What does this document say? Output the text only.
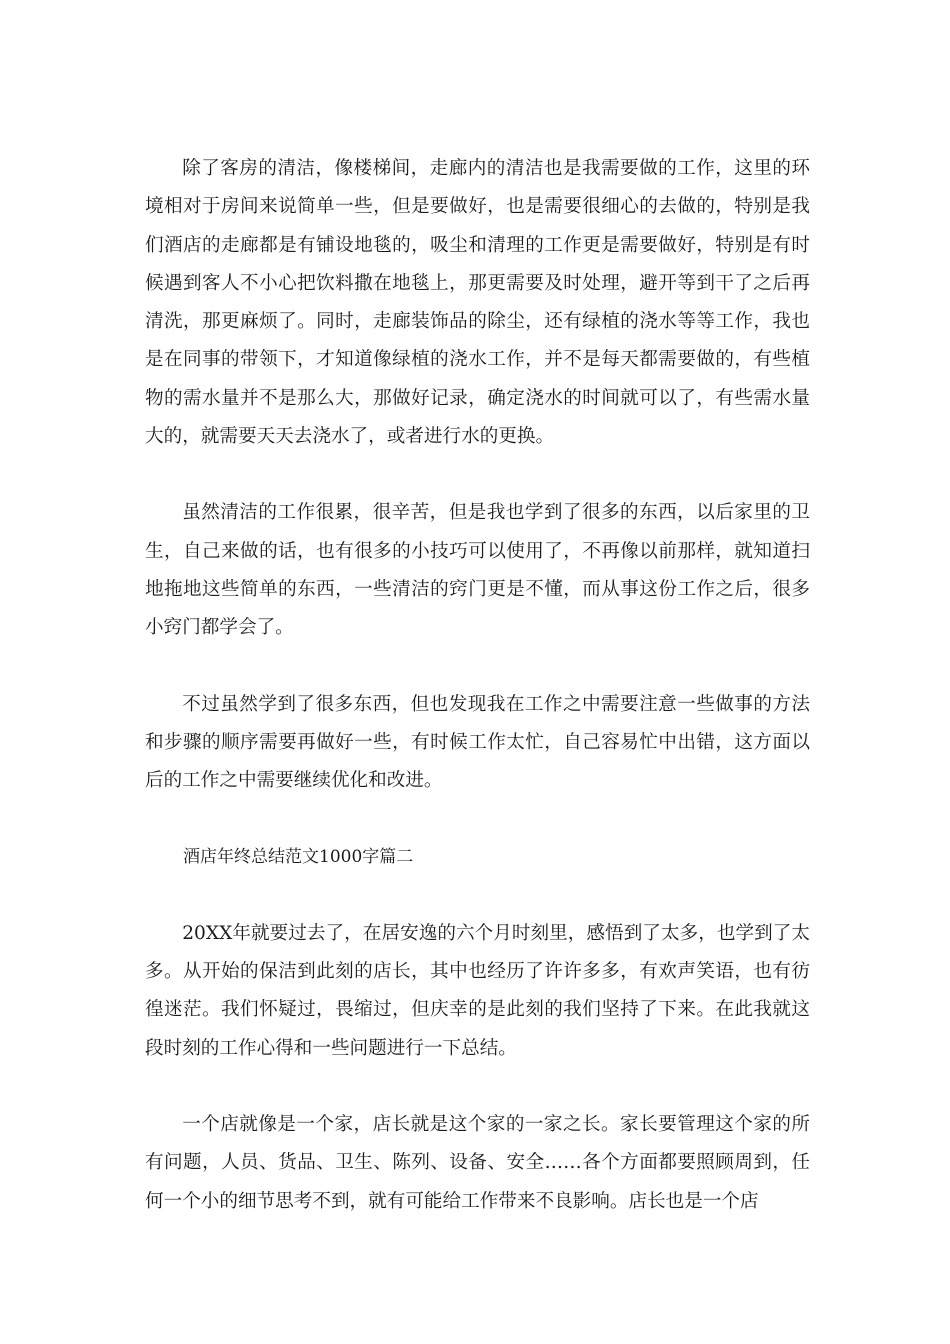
除了客房的清洁，像楼梯间，走廊内的清洁也是我需要做的工作，这里的环境相对于房间来说简单一些，但是要做好，也是需要很细心的去做的，特别是我们酒店的走廊都是有铺设地毯的，吸尘和清理的工作更是需要做好，特别是有时候遇到客人不小心把饮料撒在地毯上，那更需要及时处理，避开等到干了之后再清洗，那更麻烦了。同时，走廊装饰品的除尘，还有绿植的浇水等等工作，我也是在同事的带领下，才知道像绿植的浇水工作，并不是每天都需要做的，有些植物的需水量并不是那么大，那做好记录，确定浇水的时间就可以了，有些需水量大的，就需要天天去浇水了，或者进行水的更换。

虽然清洁的工作很累，很辛苦，但是我也学到了很多的东西，以后家里的卫生，自己来做的话，也有很多的小技巧可以使用了，不再像以前那样，就知道扫地拖地这些简单的东西，一些清洁的窍门更是不懂，而从事这份工作之后，很多小窍门都学会了。

不过虽然学到了很多东西，但也发现我在工作之中需要注意一些做事的方法和步骤的顺序需要再做好一些，有时候工作太忙，自己容易忙中出错，这方面以后的工作之中需要继续优化和改进。

酒店年终总结范文1000字篇二

20XX年就要过去了，在居安逸的六个月时刻里，感悟到了太多，也学到了太多。从开始的保洁到此刻的店长，其中也经历了许许多多，有欢声笑语，也有彷徨迷茫。我们怀疑过，畏缩过，但庆幸的是此刻的我们坚持了下来。在此我就这段时刻的工作心得和一些问题进行一下总结。

一个店就像是一个家，店长就是这个家的一家之长。家长要管理这个家的所有问题，人员、货品、卫生、陈列、设备、安全……各个方面都要照顾周到，任何一个小的细节思考不到，就有可能给工作带来不良影响。店长也是一个店
